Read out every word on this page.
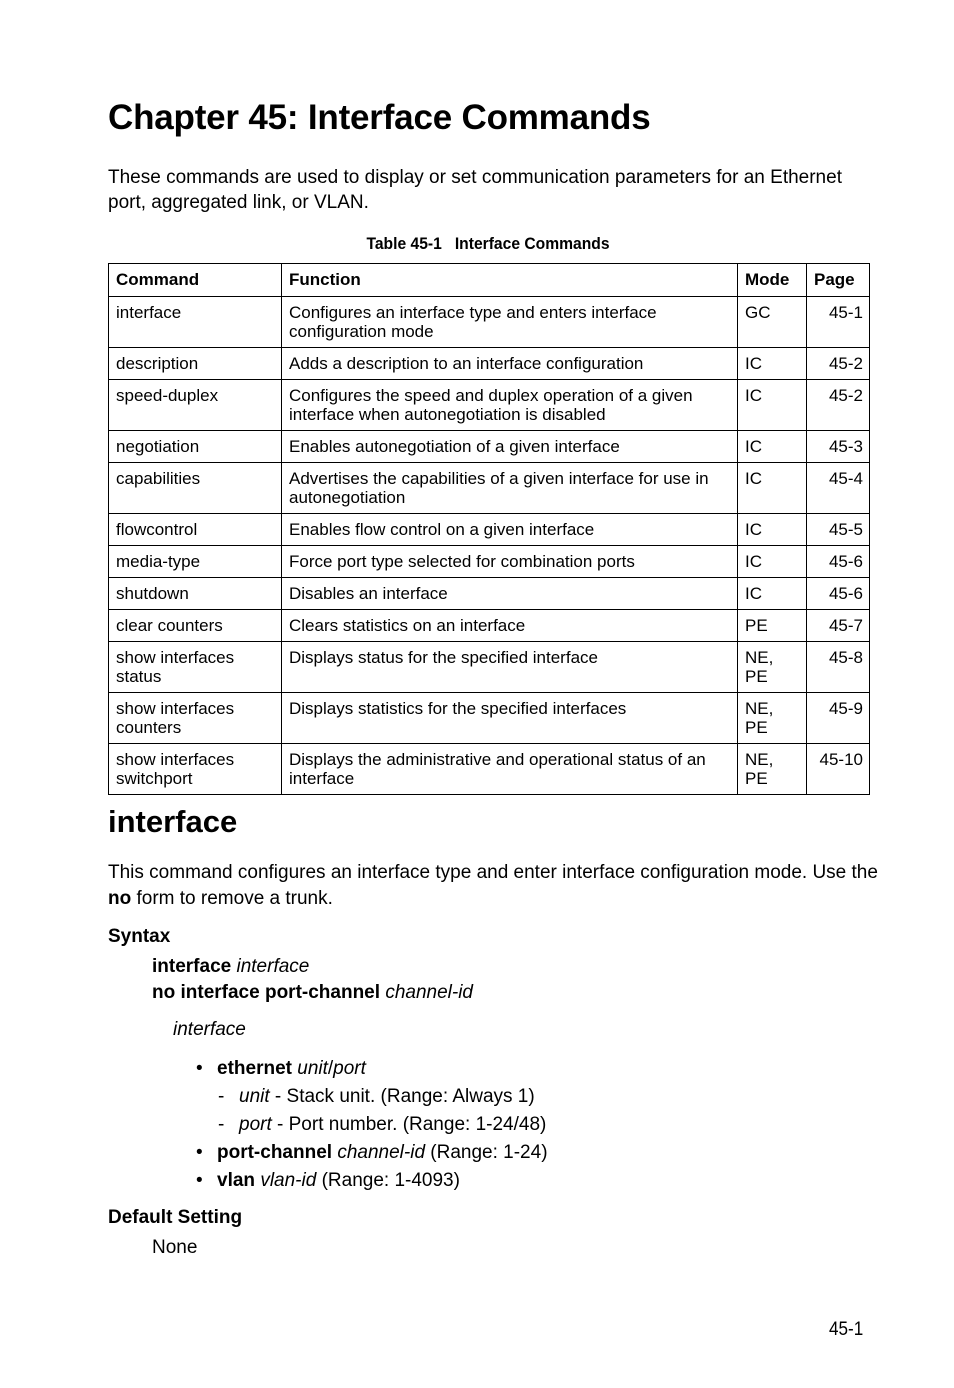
Chapter 45: Interface Commands

These commands are used to display or set communication parameters for an Ethernet port, aggregated link, or VLAN.

Table 45-1   Interface Commands
Command	Function	Mode	Page
interface	Configures an interface type and enters interface configuration mode	GC	45-1
description	Adds a description to an interface configuration	IC	45-2
speed-duplex	Configures the speed and duplex operation of a given interface when autonegotiation is disabled	IC	45-2
negotiation	Enables autonegotiation of a given interface	IC	45-3
capabilities	Advertises the capabilities of a given interface for use in autonegotiation	IC	45-4
flowcontrol	Enables flow control on a given interface	IC	45-5
media-type	Force port type selected for combination ports	IC	45-6
shutdown	Disables an interface	IC	45-6
clear counters	Clears statistics on an interface	PE	45-7
show interfaces status	Displays status for the specified interface	NE, PE	45-8
show interfaces counters	Displays statistics for the specified interfaces	NE, PE	45-9
show interfaces switchport	Displays the administrative and operational status of an interface	NE, PE	45-10
interface

This command configures an interface type and enter interface configuration mode. Use the no form to remove a trunk.

Syntax
interface interface
no interface port-channel channel-id
interface
• ethernet unit/port
- unit - Stack unit. (Range: Always 1)
- port - Port number. (Range: 1-24/48)
• port-channel channel-id (Range: 1-24)
• vlan vlan-id (Range: 1-4093)
Default Setting
None
45-1
